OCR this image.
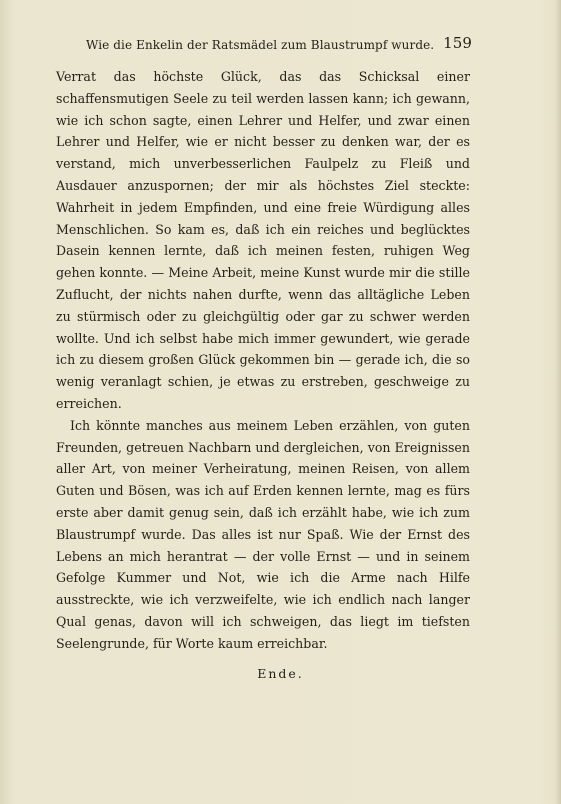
Wie die Enkelin der Ratsmädel zum Blaustrumpf wurde. 159

Verrat das höchste Glück, das das Schicksal einer schaffensmutigen Seele zu teil werden lassen kann; ich gewann, wie ich schon sagte, einen Lehrer und Helfer, und zwar einen Lehrer und Helfer, wie er nicht besser zu denken war, der es verstand, mich unverbesserlichen Faulpelz zu Fleiß und Ausdauer anzuspornen; der mir als höchstes Ziel steckte: Wahrheit in jedem Empfinden, und eine freie Würdigung alles Menschlichen. So kam es, daß ich ein reiches und beglücktes Dasein kennen lernte, daß ich meinen festen, ruhigen Weg gehen konnte. — Meine Arbeit, meine Kunst wurde mir die stille Zuflucht, der nichts nahen durfte, wenn das alltägliche Leben zu stürmisch oder zu gleichgültig oder gar zu schwer werden wollte. Und ich selbst habe mich immer gewundert, wie gerade ich zu diesem großen Glück gekommen bin — gerade ich, die so wenig veranlagt schien, je etwas zu erstreben, geschweige zu erreichen.

Ich könnte manches aus meinem Leben erzählen, von guten Freunden, getreuen Nachbarn und dergleichen, von Ereignissen aller Art, von meiner Verheiratung, meinen Reisen, von allem Guten und Bösen, was ich auf Erden kennen lernte, mag es fürs erste aber damit genug sein, daß ich erzählt habe, wie ich zum Blaustrumpf wurde. Das alles ist nur Spaß. Wie der Ernst des Lebens an mich herantrat — der volle Ernst — und in seinem Gefolge Kummer und Not, wie ich die Arme nach Hilfe ausstreckte, wie ich verzweifelte, wie ich endlich nach langer Qual genas, davon will ich schweigen, das liegt im tiefsten Seelengrunde, für Worte kaum erreichbar.

Ende.
